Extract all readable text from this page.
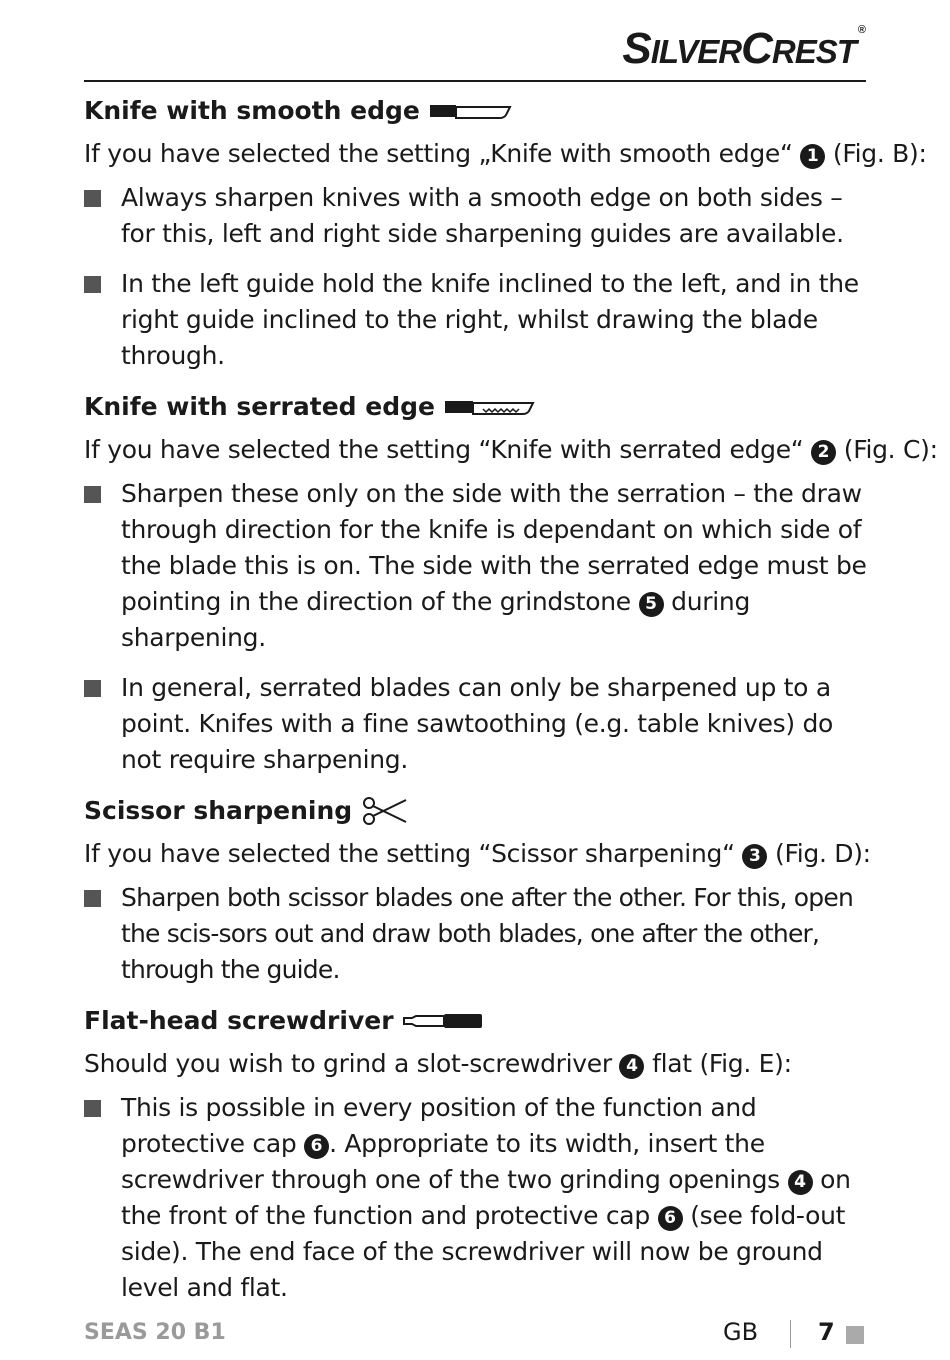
SILVERCREST®
Knife with smooth edge

If you have selected the setting „Knife with smooth edge“ 1 (Fig. B):

Always sharpen knives with a smooth edge on both sides – for this, left and right side sharpening guides are available.
In the left guide hold the knife inclined to the left, and in the right guide inclined to the right, whilst drawing the blade through.
Knife with serrated edge

If you have selected the setting “Knife with serrated edge“ 2 (Fig. C):

Sharpen these only on the side with the serration – the draw through direction for the knife is dependant on which side of the blade this is on. The side with the serrated edge must be pointing in the direction of the grindstone 5 during sharpening.
In general, serrated blades can only be sharpened up to a point. Knifes with a fine sawtoothing (e.g. table knives) do not require sharpening.
Scissor sharpening

If you have selected the setting “Scissor sharpening“ 3 (Fig. D):

Sharpen both scissor blades one after the other. For this, open the scis-sors out and draw both blades, one after the other, through the guide.
Flat-head screwdriver

Should you wish to grind a slot-screwdriver 4 flat (Fig. E):

This is possible in every position of the function and protective cap 6 . Appropriate to its width, insert the screwdriver through one of the two grinding openings 4 on the front of the function and protective cap 6 (see fold-out side). The end face of the screwdriver will now be ground level and flat.
SEAS 20 B1	GB 7
